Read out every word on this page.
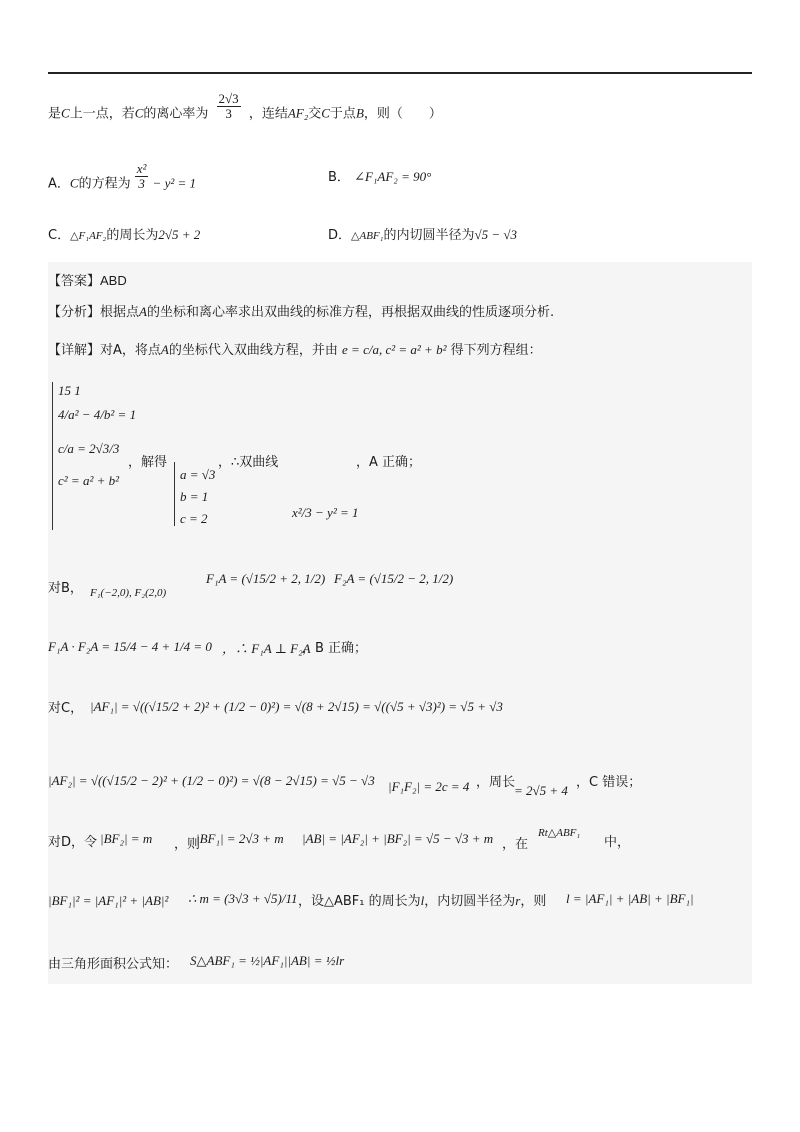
是C上一点，若C的离心率为 $\frac{2√3}{3}$ ，连结AF₂交C于点B，则（　　）
A．C的方程为 $\frac{\text{x²}}{3} - y^2 = 1$	B． ∠F₁AF₂ = 90°
C．△F₁AF₂的周长为2√5 + 2	D．△ABF₁的内切圆半径为√5 − √3
【答案】ABD
【分析】根据点A的坐标和离心率求出双曲线的标准方程，再根据双曲线的性质逐项分析.
【详解】对A，将点A的坐标代入双曲线方程，并由 e = c/a, c² = a² + b² 得下列方程组：
15 1
4/a² − 4/b² = 1
c/a = 2√3/3
c² = a² + b²
，解得
a = √3
b = 1
c = 2
，∴双曲线
x²/3 − y² = 1
，A 正确；
对B， F₁(−2,0), F₂(2,0)
F₁A = (√15/2 + 2, 1/2) F₂A = (√15/2 − 2, 1/2)
F₁A · F₂A = 15/4 − 4 + 1/4 = 0 ，∴ F₁A ⊥ F₂A
，B 正确；
对C， |AF₁| = √((√15/2 + 2)² + (1/2 − 0)²) = √(8 + 2√15) = √((√5 + √3)²) = √5 + √3
|AF₂| = √((√15/2 − 2)² + (1/2 − 0)²) = √(8 − 2√15) = √5 − √3 |F₁F₂| = 2c = 4 ，周长
= 2√5 + 4
，C 错误；
对D，令 |BF₂| = m ，则
|BF₁| = 2√3 + m |AB| = |AF₂| + |BF₂| = √5 − √3 + m ，在
Rt△ABF₁
中，
|BF₁|² = |AF₁|² + |AB|² ∴ m = (3√3 + √5)/11 ，设△ABF₁ 的周长为l，内切圆半径为r，则 l = |AF₁| + |AB| + |BF₁|
由三角形面积公式知： S△ABF₁ = ½|AF₁||AB| = ½lr
